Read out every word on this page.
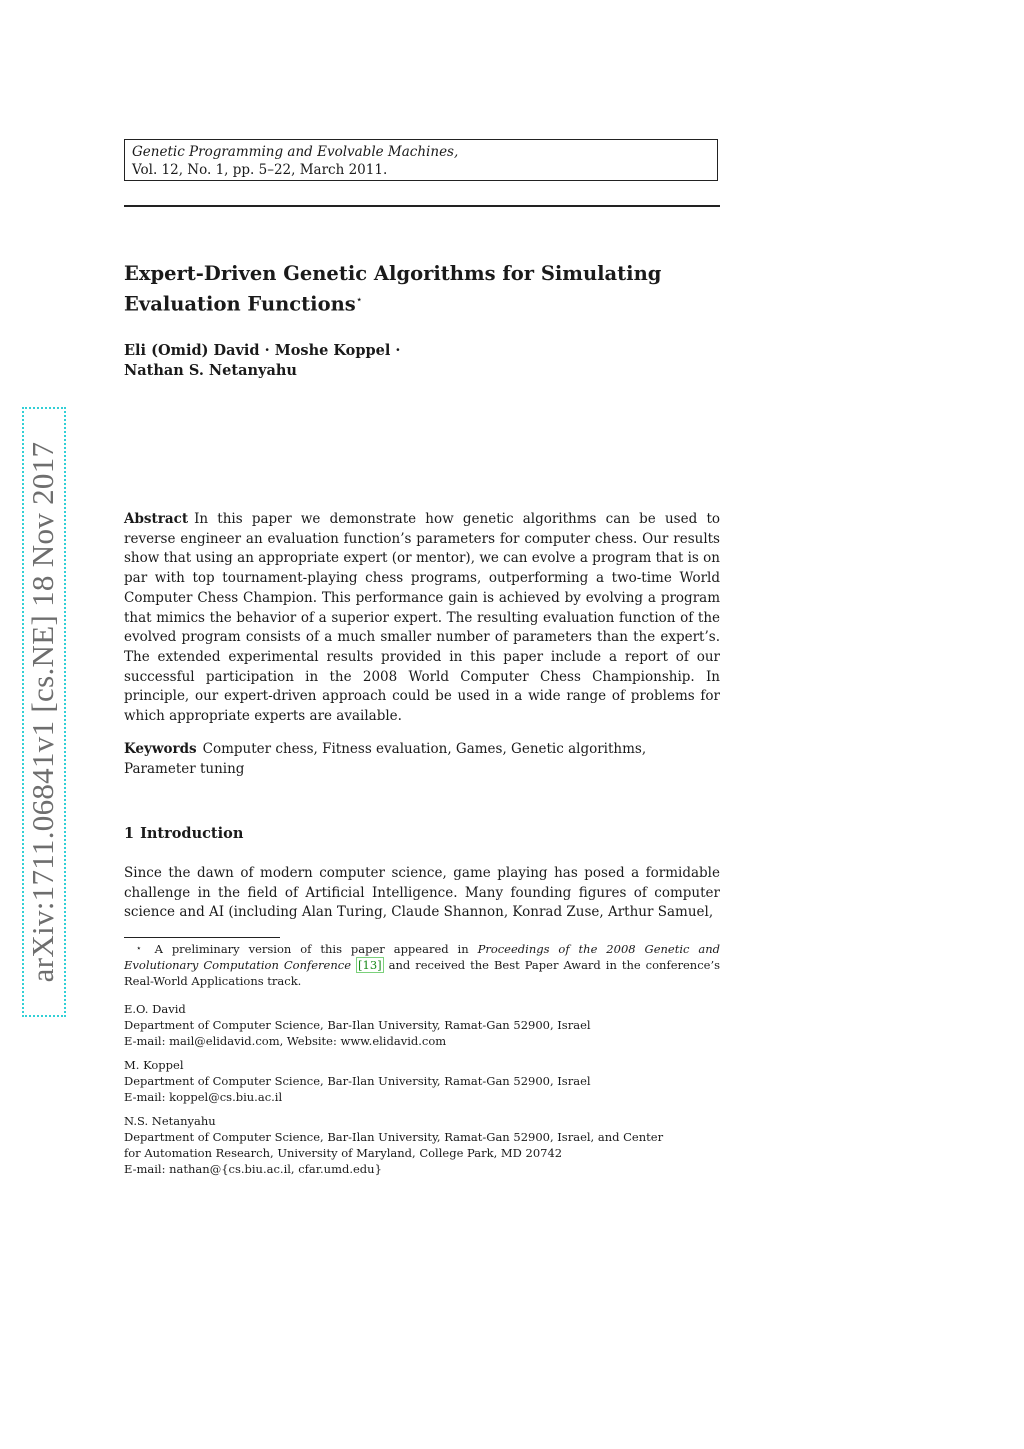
Genetic Programming and Evolvable Machines,
Vol. 12, No. 1, pp. 5–22, March 2011.
Expert-Driven Genetic Algorithms for Simulating
Evaluation Functions⋆
Eli (Omid) David · Moshe Koppel ·
Nathan S. Netanyahu
arXiv:1711.06841v1 [cs.NE] 18 Nov 2017	Abstract In this paper we demonstrate how genetic algorithms can be used to reverse engineer an evaluation function’s parameters for computer chess. Our results show that using an appropriate expert (or mentor), we can evolve a program that is on par with top tournament-playing chess programs, outperforming a two-time World Computer Chess Champion. This performance gain is achieved by evolving a program that mimics the behavior of a superior expert. The resulting evaluation function of the evolved program consists of a much smaller number of parameters than the expert’s. The extended experimental results provided in this paper include a report of our successful participation in the 2008 World Computer Chess Championship. In principle, our expert-driven approach could be used in a wide range of problems for which appropriate experts are available.
Keywords Computer chess, Fitness evaluation, Games, Genetic algorithms, Parameter tuning
1 Introduction
Since the dawn of modern computer science, game playing has posed a formidable challenge in the field of Artificial Intelligence. Many founding figures of computer science and AI (including Alan Turing, Claude Shannon, Konrad Zuse, Arthur Samuel,
⋆ A preliminary version of this paper appeared in Proceedings of the 2008 Genetic and Evolutionary Computation Conference [13] and received the Best Paper Award in the conference’s Real-World Applications track.
E.O. David
Department of Computer Science, Bar-Ilan University, Ramat-Gan 52900, Israel
E-mail: mail@elidavid.com, Website: www.elidavid.com
M. Koppel
Department of Computer Science, Bar-Ilan University, Ramat-Gan 52900, Israel
E-mail: koppel@cs.biu.ac.il
N.S. Netanyahu
Department of Computer Science, Bar-Ilan University, Ramat-Gan 52900, Israel, and Center
for Automation Research, University of Maryland, College Park, MD 20742
E-mail: nathan@{cs.biu.ac.il, cfar.umd.edu}
